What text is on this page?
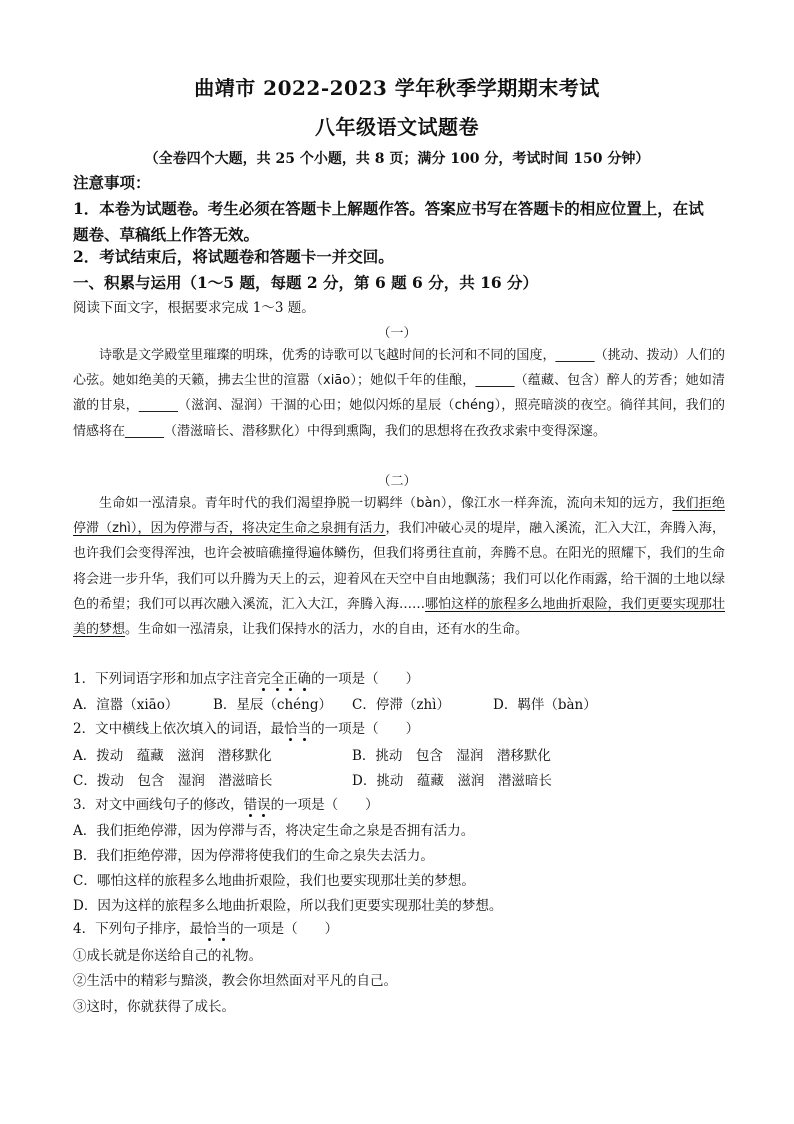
曲靖市 2022-2023 学年秋季学期期末考试
八年级语文试题卷
（全卷四个大题，共 25 个小题，共 8 页；满分 100 分，考试时间 150 分钟）
注意事项：
1．本卷为试题卷。考生必须在答题卡上解题作答。答案应书写在答题卡的相应位置上，在试
题卷、草稿纸上作答无效。
2．考试结束后，将试题卷和答题卡一并交回。
一、积累与运用（1～5 题，每题 2 分，第 6 题 6 分，共 16 分）
阅读下面文字，根据要求完成 1～3 题。
（一）
诗歌是文学殿堂里璀璨的明珠，优秀的诗歌可以飞越时间的长河和不同的国度，______（挑动、拨动）人们的心弦。她如绝美的天籁，拂去尘世的渲嚣（xiāo）；她似千年的佳酿，______（蕴藏、包含）醉人的芳香；她如清澈的甘泉，______（滋润、湿润）干涸的心田；她似闪烁的星辰（chéng），照亮暗淡的夜空。徜徉其间，我们的情感将在______（潜滋暗长、潜移默化）中得到熏陶，我们的思想将在孜孜求索中变得深邃。
（二）
生命如一泓清泉。青年时代的我们渴望挣脱一切羁绊（bàn），像江水一样奔流，流向未知的远方，我们拒绝停滞（zhì），因为停滞与否，将决定生命之泉拥有活力，我们冲破心灵的堤岸，融入溪流，汇入大江，奔腾入海，也许我们会变得浑浊，也许会被暗礁撞得遍体鳞伤，但我们将勇往直前，奔腾不息。在阳光的照耀下，我们的生命将会进一步升华，我们可以升腾为天上的云，迎着风在天空中自由地飘荡；我们可以化作雨露，给干涸的土地以绿色的希望；我们可以再次融入溪流，汇入大江，奔腾入海……哪怕这样的旅程多么地曲折艰险，我们更要实现那壮美的梦想。生命如一泓清泉，让我们保持水的活力，水的自由，还有水的生命。
1．下列词语字形和加点字注音完全正确的一项是（　　）
A．渲嚣（xiāo）	B．星辰（chéng） C．停滞（zhì）	D．羁伴（bàn）
2．文中横线上依次填入的词语，最恰当的一项是（　　）
A．拨动　蕴藏　滋润　潜移默化	B．挑动　包含　湿润　潜移默化
C．拨动　包含　湿润　潜滋暗长	D．挑动　蕴藏　滋润　潜滋暗长
3．对文中画线句子的修改，错误的一项是（　　）
A．我们拒绝停滞，因为停滞与否，将决定生命之泉是否拥有活力。
B．我们拒绝停滞，因为停滞将使我们的生命之泉失去活力。
C．哪怕这样的旅程多么地曲折艰险，我们也要实现那壮美的梦想。
D．因为这样的旅程多么地曲折艰险，所以我们更要实现那壮美的梦想。
4．下列句子排序，最恰当的一项是（　　）
①成长就是你送给自己的礼物。
②生活中的精彩与黯淡，教会你坦然面对平凡的自己。
③这时，你就获得了成长。
